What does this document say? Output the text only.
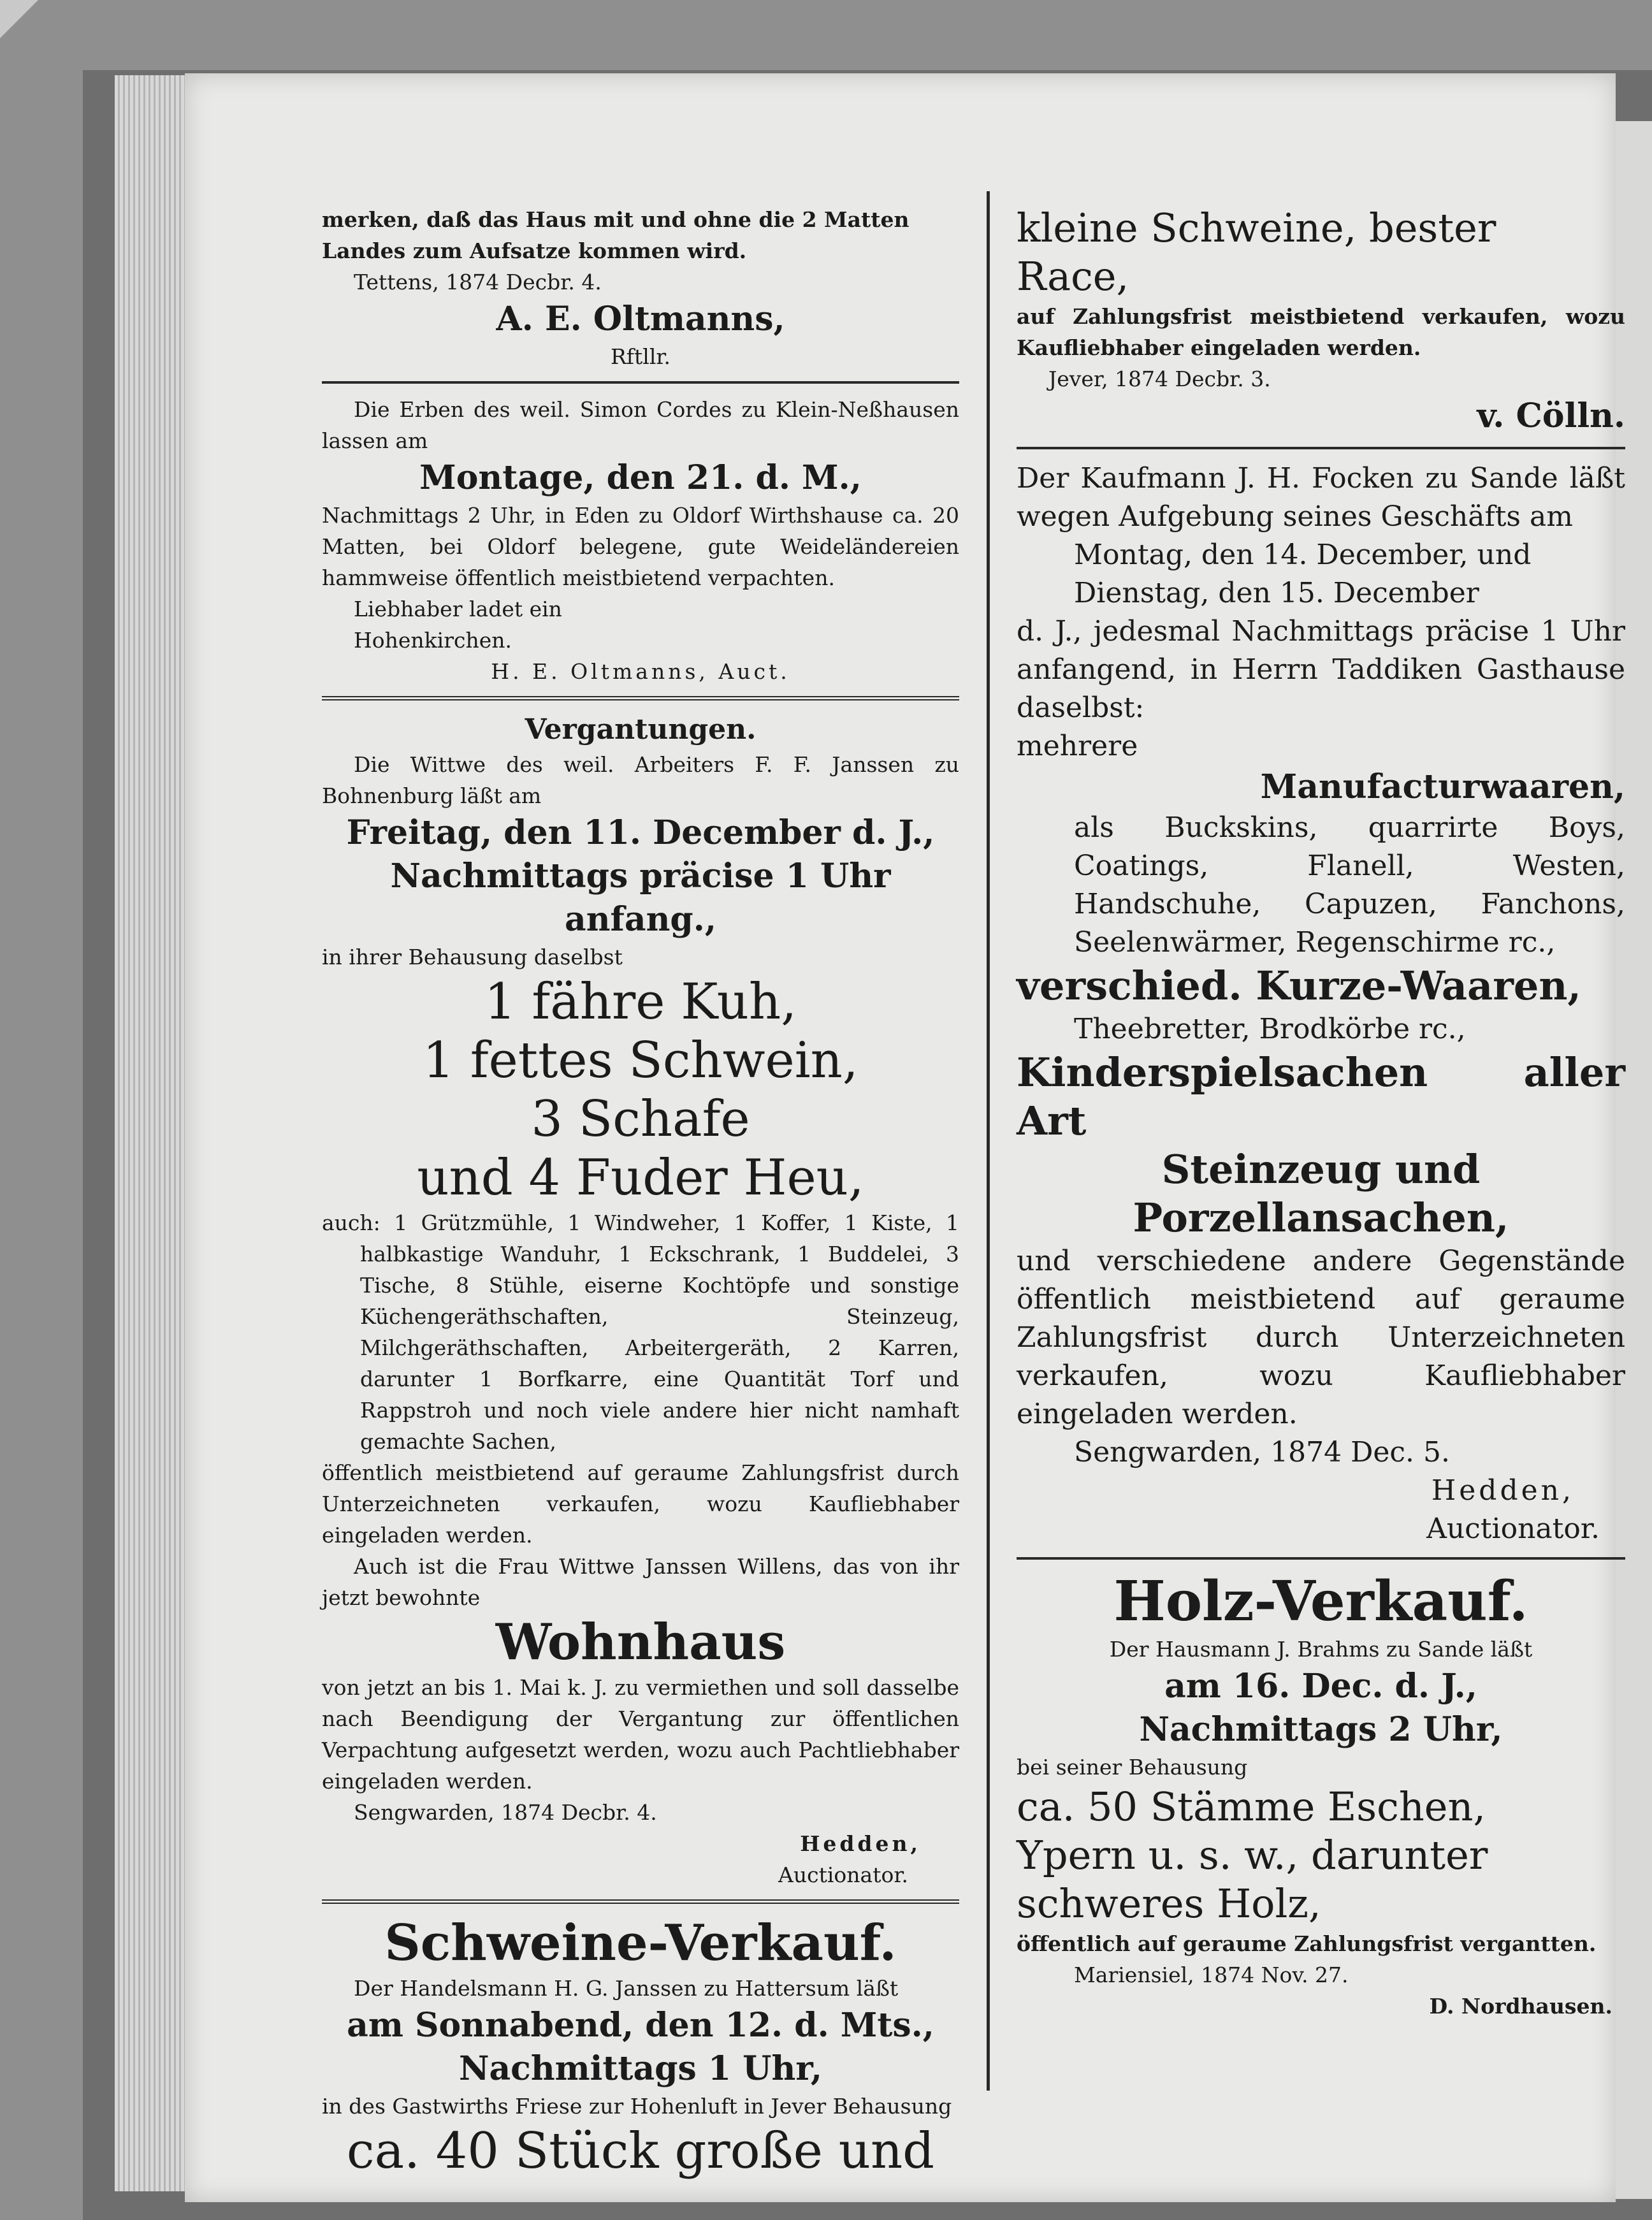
merken, daß das Haus mit und ohne die 2 Matten

Landes zum Aufsatze kommen wird.

Tettens, 1874 Decbr. 4.

A. E. Oltmanns,

Rftllr.

Die Erben des weil. Simon Cordes zu Klein-Neßhausen lassen am

Montage, den 21. d. M.,

Nachmittags 2 Uhr, in Eden zu Oldorf Wirthshause ca. 20 Matten, bei Oldorf belegene, gute Weideländereien hammweise öffentlich meistbietend verpachten.

Liebhaber ladet ein

Hohenkirchen.

H. E. Oltmanns, Auct.

Vergantungen.

Die Wittwe des weil. Arbeiters F. F. Janssen zu Bohnenburg läßt am

Freitag, den 11. December d. J.,

Nachmittags präcise 1 Uhr anfang.,

in ihrer Behausung daselbst

1 fähre Kuh,

1 fettes Schwein,

3 Schafe

und 4 Fuder Heu,

auch: 1 Grützmühle, 1 Windweher, 1 Koffer, 1 Kiste, 1 halbkastige Wanduhr, 1 Eckschrank, 1 Buddelei, 3 Tische, 8 Stühle, eiserne Kochtöpfe und sonstige Küchengeräthschaften, Steinzeug, Milchgeräthschaften, Arbeitergeräth, 2 Karren, darunter 1 Borfkarre, eine Quantität Torf und Rappstroh und noch viele andere hier nicht namhaft gemachte Sachen,

öffentlich meistbietend auf geraume Zahlungsfrist durch Unterzeichneten verkaufen, wozu Kaufliebhaber eingeladen werden.

Auch ist die Frau Wittwe Janssen Willens, das von ihr jetzt bewohnte

Wohnhaus

von jetzt an bis 1. Mai k. J. zu vermiethen und soll dasselbe nach Beendigung der Vergantung zur öffentlichen Verpachtung aufgesetzt werden, wozu auch Pachtliebhaber eingeladen werden.

Sengwarden, 1874 Decbr. 4.

Hedden,

Auctionator.

Schweine-Verkauf.

Der Handelsmann H. G. Janssen zu Hattersum läßt

am Sonnabend, den 12. d. Mts.,

Nachmittags 1 Uhr,

in des Gastwirths Friese zur Hohenluft in Jever Behausung

ca. 40 Stück große und

kleine Schweine, bester

Race,

auf Zahlungsfrist meistbietend verkaufen, wozu Kaufliebhaber eingeladen werden.

Jever, 1874 Decbr. 3.

v. Cölln.

Der Kaufmann J. H. Focken zu Sande läßt wegen Aufgebung seines Geschäfts am

Montag, den 14. December, und

Dienstag, den 15. December

d. J., jedesmal Nachmittags präcise 1 Uhr anfangend, in Herrn Taddiken Gasthause daselbst:

mehrere

Manufacturwaaren,

als Buckskins, quarrirte Boys, Coatings, Flanell, Westen, Handschuhe, Capuzen, Fanchons, Seelenwärmer, Regenschirme rc.,

verschied. Kurze-Waaren,

Theebretter, Brodkörbe rc.,

Kinderspielsachen aller Art

Steinzeug und

Porzellansachen,

und verschiedene andere Gegenstände öffentlich meistbietend auf geraume Zahlungsfrist durch Unterzeichneten verkaufen, wozu Kaufliebhaber eingeladen werden.

Sengwarden, 1874 Dec. 5.

Hedden,

Auctionator.

Holz-Verkauf.

Der Hausmann J. Brahms zu Sande läßt

am 16. Dec. d. J.,

Nachmittags 2 Uhr,

bei seiner Behausung

ca. 50 Stämme Eschen,

Ypern u. s. w., darunter

schweres Holz,

öffentlich auf geraume Zahlungsfrist vergantten.

Mariensiel, 1874 Nov. 27.

D. Nordhausen.
